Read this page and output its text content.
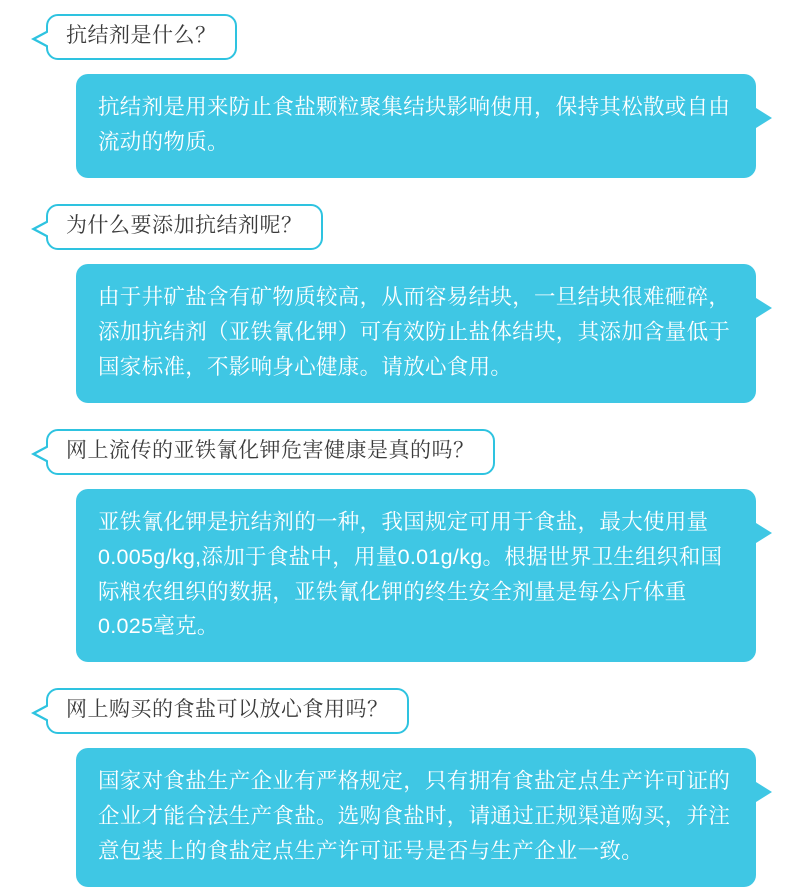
抗结剂是什么？
抗结剂是用来防止食盐颗粒聚集结块影响使用，保持其松散或自由流动的物质。
为什么要添加抗结剂呢？
由于井矿盐含有矿物质较高，从而容易结块，一旦结块很难砸碎，添加抗结剂（亚铁氰化钾）可有效防止盐体结块，其添加含量低于国家标准，不影响身心健康。请放心食用。
网上流传的亚铁氰化钾危害健康是真的吗？
亚铁氰化钾是抗结剂的一种，我国规定可用于食盐，最大使用量0.005g/kg,添加于食盐中，用量0.01g/kg。根据世界卫生组织和国际粮农组织的数据，亚铁氰化钾的终生安全剂量是每公斤体重0.025毫克。
网上购买的食盐可以放心食用吗？
国家对食盐生产企业有严格规定，只有拥有食盐定点生产许可证的企业才能合法生产食盐。选购食盐时，请通过正规渠道购买，并注意包装上的食盐定点生产许可证号是否与生产企业一致。
